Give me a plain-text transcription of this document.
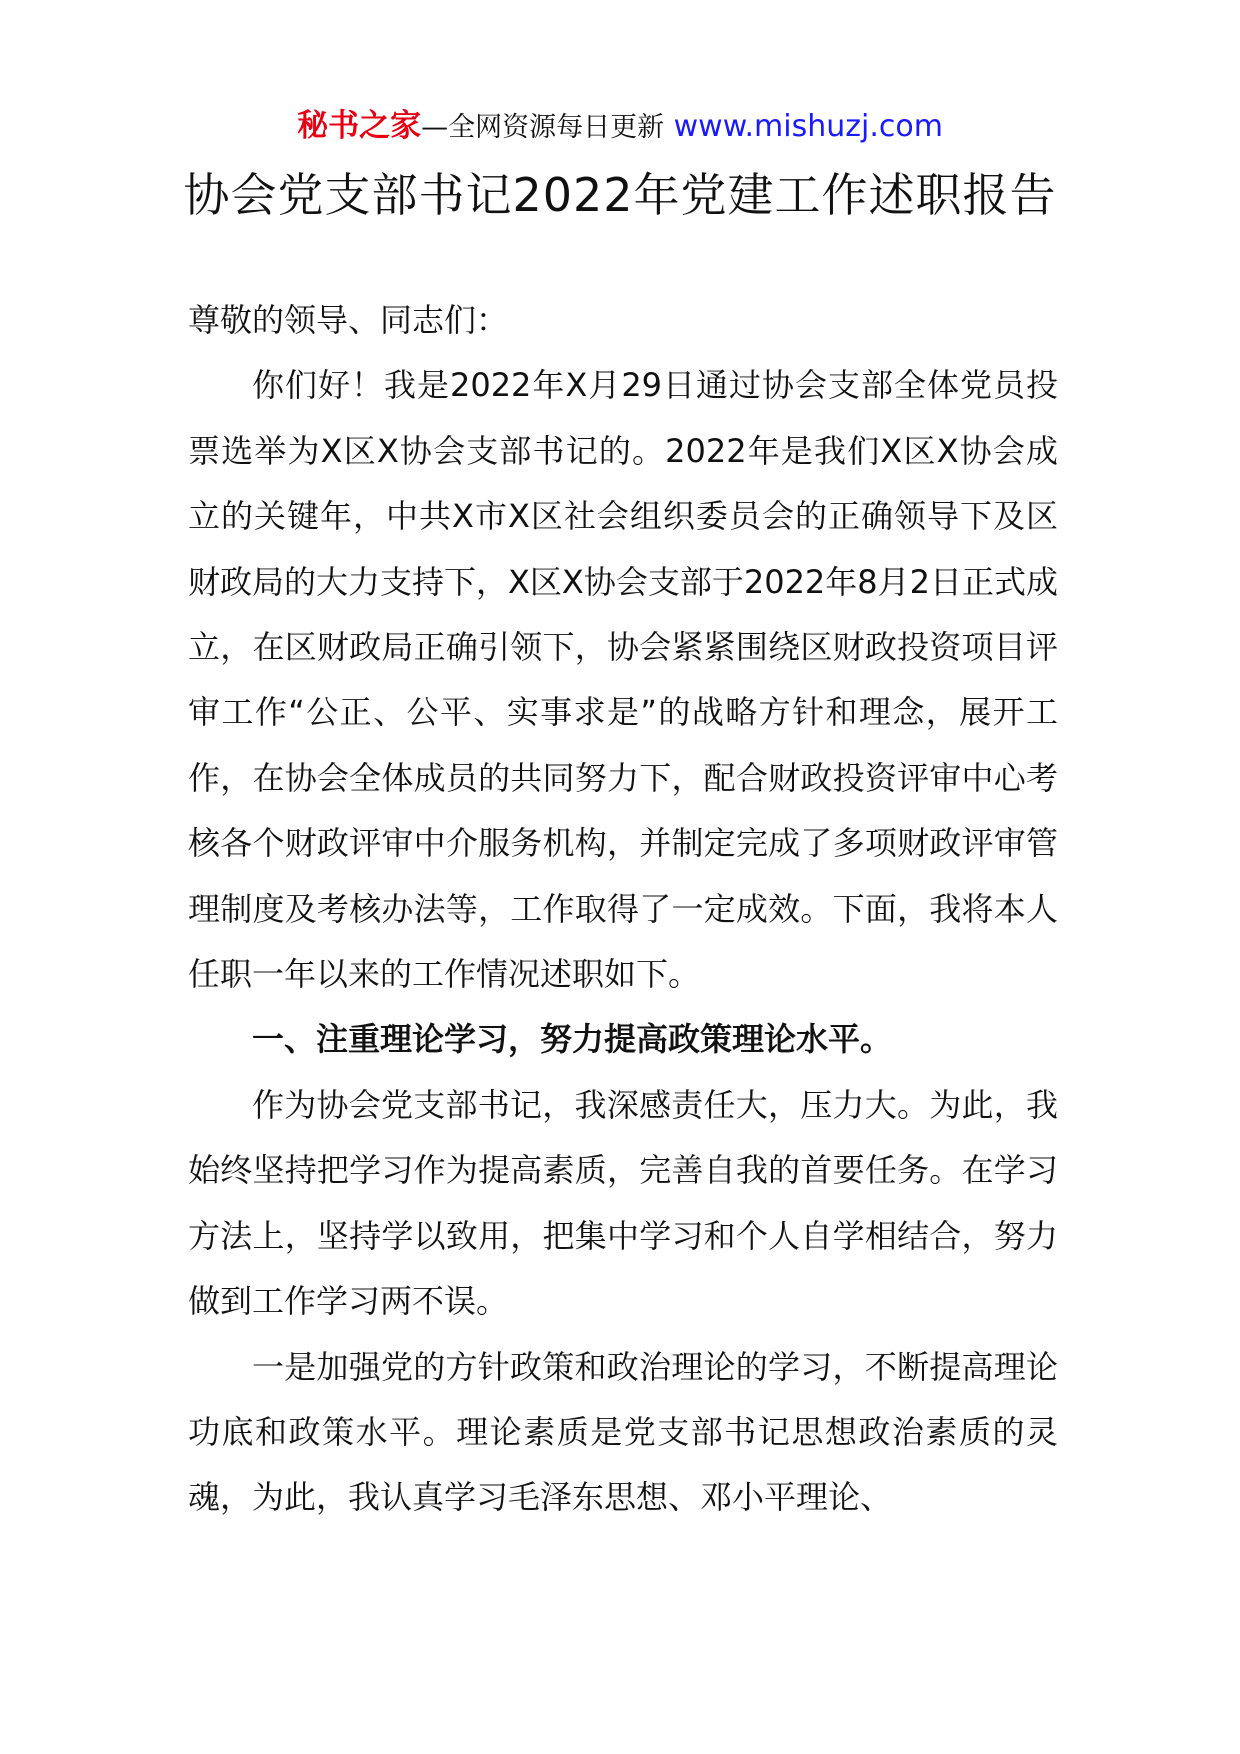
秘书之家—全网资源每日更新 www.mishuzj.com
协会党支部书记2022年党建工作述职报告

尊敬的领导、同志们：

你们好！我是2022年X月29日通过协会支部全体党员投票选举为X区X协会支部书记的。2022年是我们X区X协会成立的关键年，中共X市X区社会组织委员会的正确领导下及区财政局的大力支持下，X区X协会支部于2022年8月2日正式成立，在区财政局正确引领下，协会紧紧围绕区财政投资项目评审工作“公正、公平、实事求是”的战略方针和理念，展开工作，在协会全体成员的共同努力下，配合财政投资评审中心考核各个财政评审中介服务机构，并制定完成了多项财政评审管理制度及考核办法等，工作取得了一定成效。下面，我将本人任职一年以来的工作情况述职如下。

一、注重理论学习，努力提高政策理论水平。

作为协会党支部书记，我深感责任大，压力大。为此，我始终坚持把学习作为提高素质，完善自我的首要任务。在学习方法上，坚持学以致用，把集中学习和个人自学相结合，努力做到工作学习两不误。

一是加强党的方针政策和政治理论的学习，不断提高理论功底和政策水平。理论素质是党支部书记思想政治素质的灵魂，为此，我认真学习毛泽东思想、邓小平理论、
